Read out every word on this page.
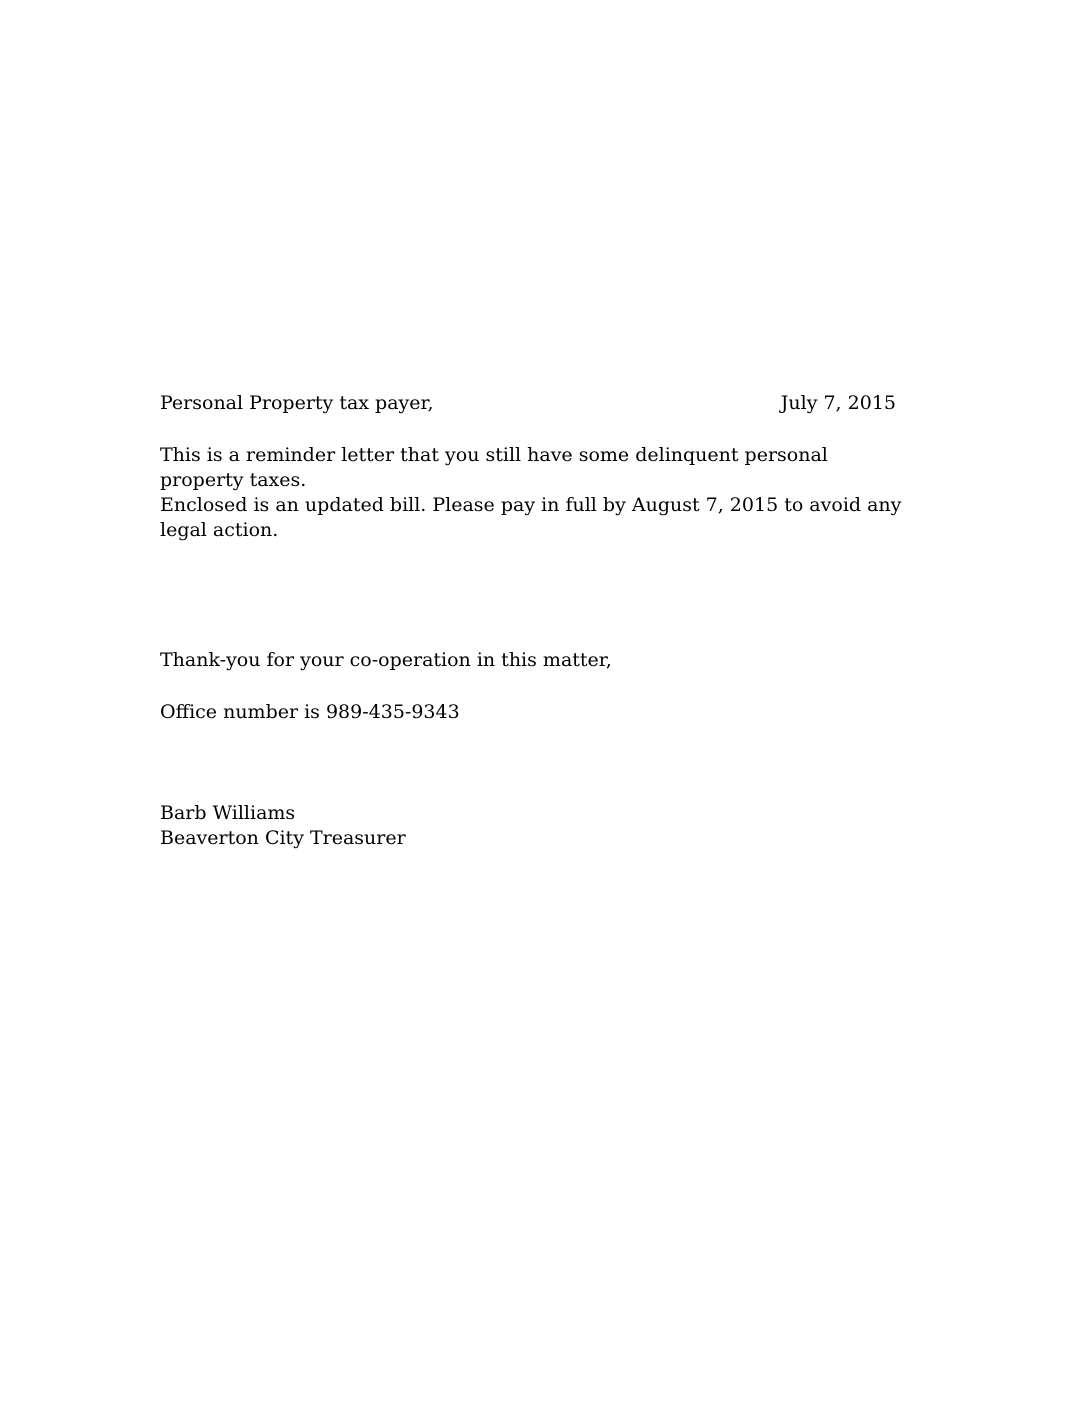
Personal Property tax payer,	July 7, 2015
This is a reminder letter that you still have some delinquent personal
property taxes.
Enclosed is an updated bill. Please pay in full by August 7, 2015 to avoid any
legal action.
Thank-you for your co-operation in this matter,
Office number is 989-435-9343
Barb Williams
Beaverton City Treasurer
